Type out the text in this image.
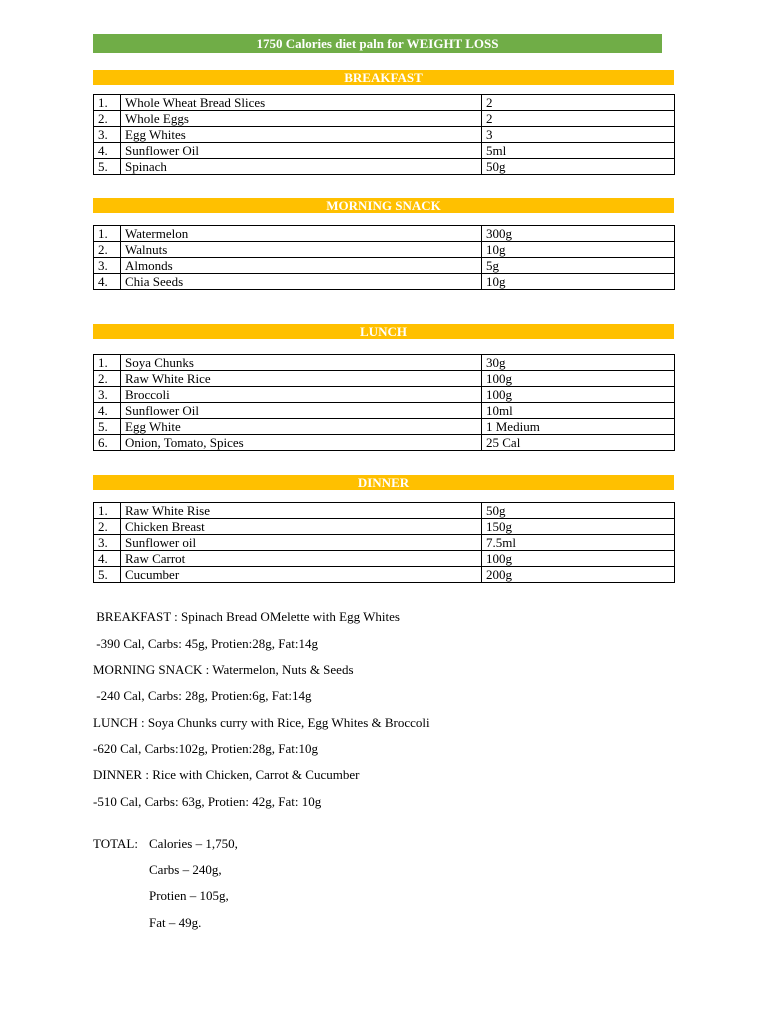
1750 Calories diet paln for WEIGHT LOSS
BREAKFAST
1.	Whole Wheat Bread Slices	2
2.	Whole Eggs	2
3.	Egg Whites	3
4.	Sunflower Oil	5ml
5.	Spinach	50g
MORNING SNACK
1.	Watermelon	300g
2.	Walnuts	10g
3.	Almonds	5g
4.	Chia Seeds	10g
LUNCH
1.	Soya Chunks	30g
2.	Raw White Rice	100g
3.	Broccoli	100g
4.	Sunflower Oil	10ml
5.	Egg White	1 Medium
6.	Onion, Tomato, Spices	25 Cal
DINNER
1.	Raw White Rise	50g
2.	Chicken Breast	150g
3.	Sunflower oil	7.5ml
4.	Raw Carrot	100g
5.	Cucumber	200g
BREAKFAST : Spinach Bread OMelette with Egg Whites
-390 Cal, Carbs: 45g, Protien:28g, Fat:14g
MORNING SNACK : Watermelon, Nuts & Seeds
-240 Cal, Carbs: 28g, Protien:6g, Fat:14g
LUNCH : Soya Chunks curry with Rice, Egg Whites & Broccoli
-620 Cal, Carbs:102g, Protien:28g, Fat:10g
DINNER : Rice with Chicken, Carrot & Cucumber
-510 Cal, Carbs: 63g, Protien: 42g, Fat: 10g
TOTAL: Calories – 1,750,
Carbs – 240g,
Protien – 105g,
Fat – 49g.
